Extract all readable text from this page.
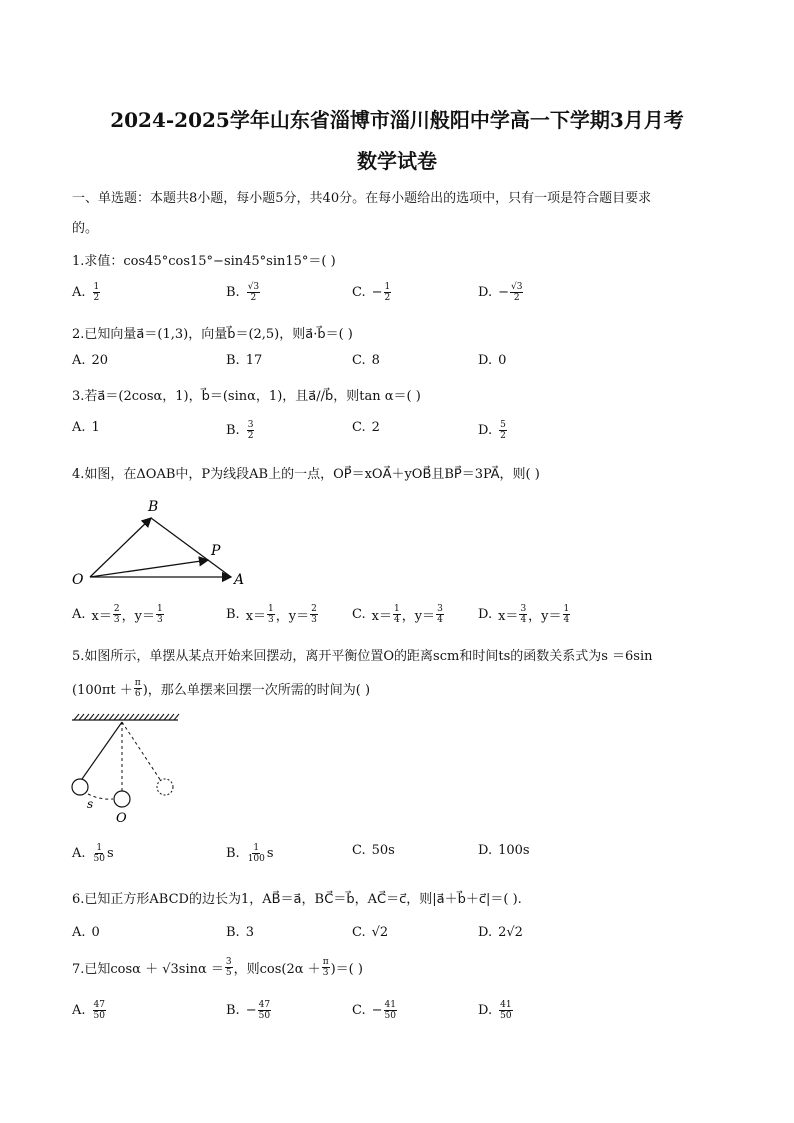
2024-2025学年山东省淄博市淄川般阳中学高一下学期3月月考
数学试卷
一、单选题：本题共8小题，每小题5分，共40分。在每小题给出的选项中，只有一项是符合题目要求
的。
1.求值：cos45°cos15°−sin45°sin15°＝( )
A. $\frac{1}{2}$	B. $\frac{√3}{2}$	C. − $\frac{1}{2}$	D. − $\frac{√3}{2}$
2.已知向量a⃗＝(1,3)，向量b⃗＝(2,5)，则a⃗·b⃗＝( )
A. 20	B. 17	C. 8	D. 0
3.若a⃗＝(2cosα，1)，b⃗＝(sinα，1)，且a⃗//b⃗，则tan α＝( )
A. 1	B. $\frac{3}{2}$	C. 2	D. $\frac{5}{2}$
4.如图，在ΔOAB中，P为线段AB上的一点，OP⃗＝xOA⃗＋yOB⃗且BP⃗＝3PA⃗，则( )
B
P
O	A
A. $x= \frac{2}{3}$ ，$y= \frac{1}{3}$	B. $x= \frac{1}{3}$ ，$y= \frac{2}{3}$	C. $x= \frac{1}{4}$ ，$y= \frac{3}{4}$	D. $x= \frac{3}{4}$ ，$y= \frac{1}{4}$
5.如图所示，单摆从某点开始来回摆动，离开平衡位置O的距离scm和时间ts的函数关系式为s ＝6sin
($100\pi t + \frac{\pi}{6}$ )，那么单摆来回摆一次所需的时间为( )
s
O
A. $\frac{1}{50}$ s	B. $\frac{1}{100}$ s	C. 50s	D. 100s
6.已知正方形ABCD的边长为1，AB⃗＝a⃗，BC⃗＝b⃗，AC⃗＝c⃗，则|a⃗＋b⃗＋c⃗|＝( ).
A. 0	B. 3	C. √2	D. 2√2
7.已知$\cos\alpha + √3\sin\alpha = \frac{3}{5}$ ，则$\cos(2\alpha + \frac{\pi}{3}$ )＝( )
A. $\frac{47}{50}$	B. − $\frac{47}{50}$	C. − $\frac{41}{50}$	D. $\frac{41}{50}$
